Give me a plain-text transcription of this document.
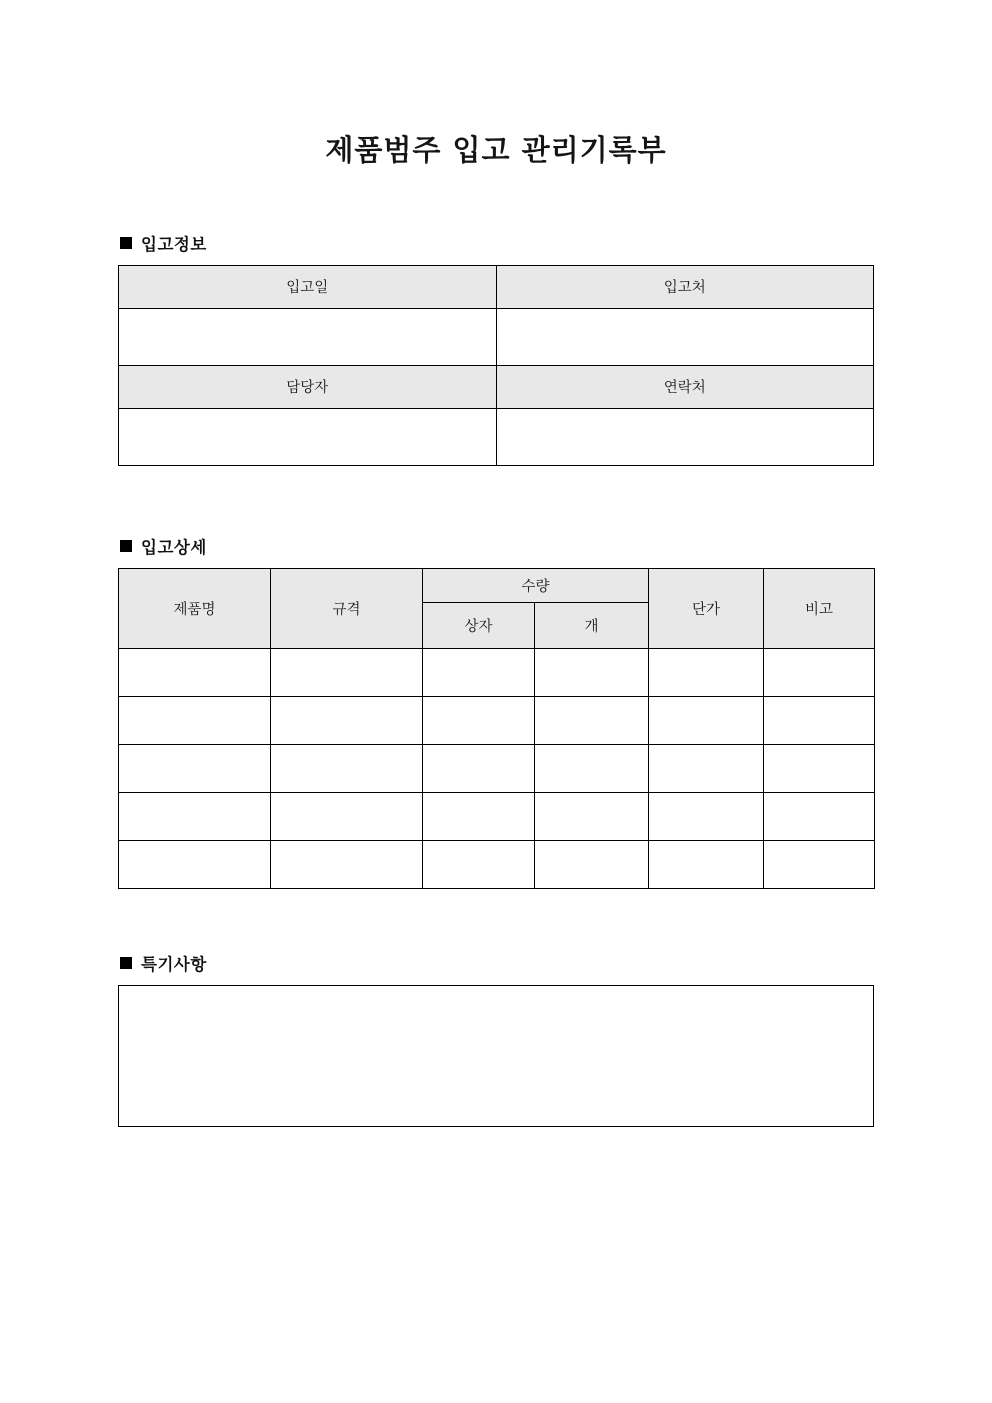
제품범주 입고 관리기록부
입고정보
입고일	입고처

담당자	연락처

입고상세
제품명	규격	수량		단가	비고
		상자	개		

특기사항
